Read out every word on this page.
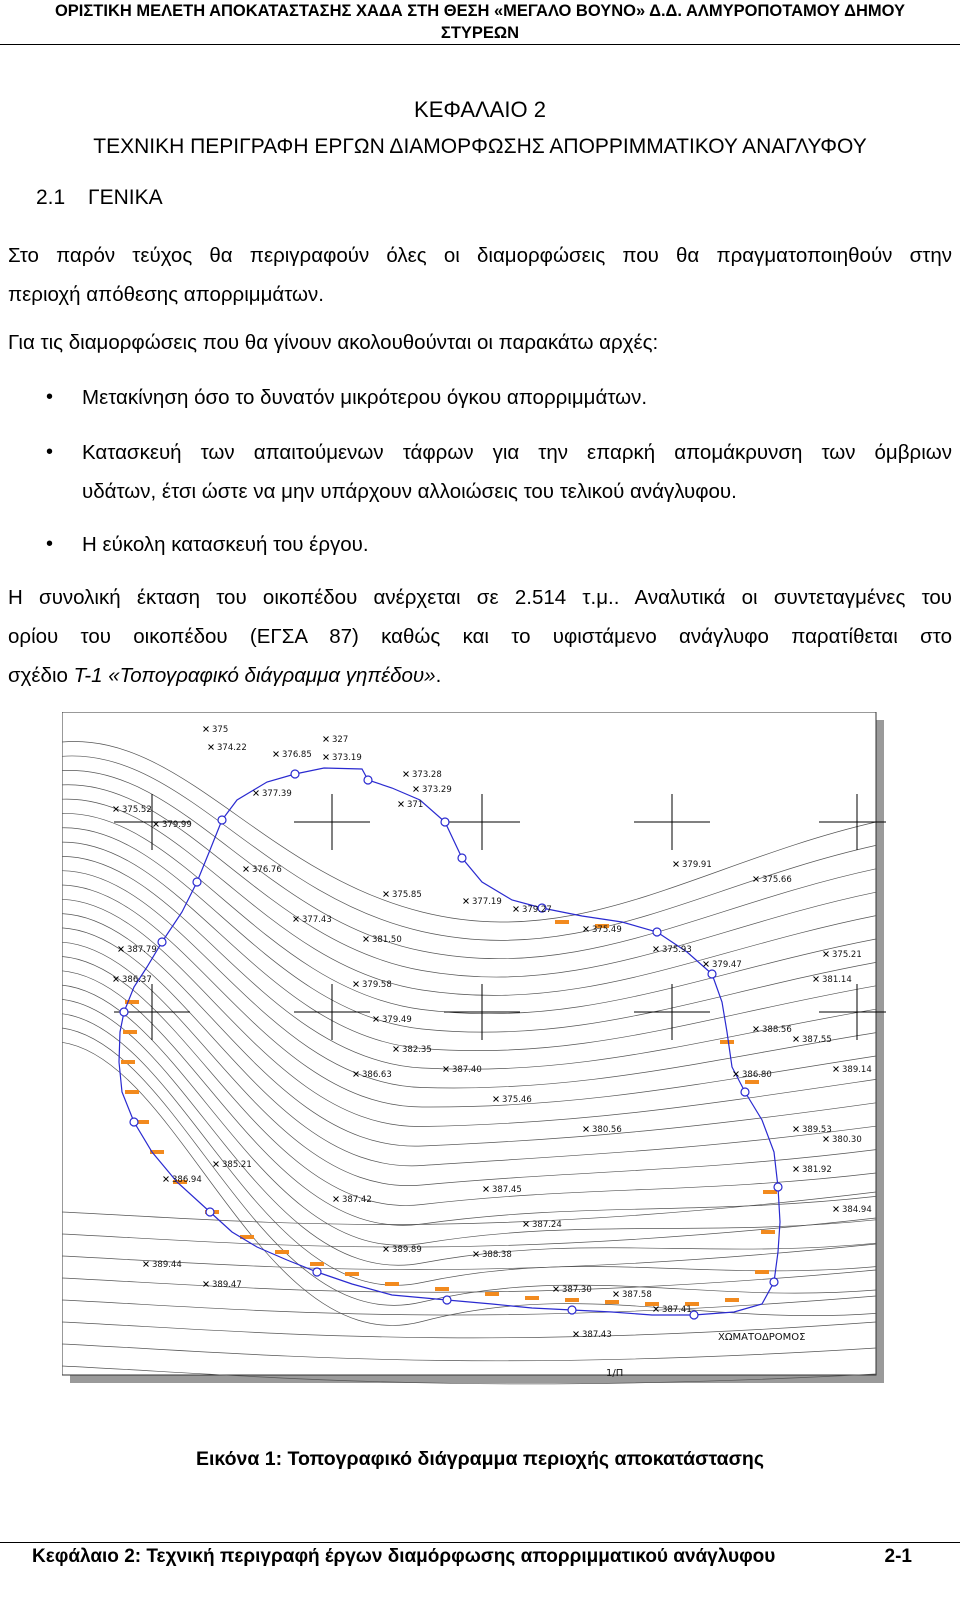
ΟΡΙΣΤΙΚΗ ΜΕΛΕΤΗ ΑΠΟΚΑΤΑΣΤΑΣΗΣ ΧΑΔΑ ΣΤΗ ΘΕΣΗ «ΜΕΓΑΛΟ ΒΟΥΝΟ» Δ.Δ. ΑΛΜΥΡΟΠΟΤΑΜΟΥ ΔΗΜΟΥ
ΣΤΥΡΕΩΝ
ΚΕΦΑΛΑΙΟ 2
ΤΕΧΝΙΚΗ ΠΕΡΙΓΡΑΦΗ ΕΡΓΩΝ ΔΙΑΜΟΡΦΩΣΗΣ ΑΠΟΡΡΙΜΜΑΤΙΚΟΥ ΑΝΑΓΛΥΦΟΥ
2.1 ΓΕΝΙΚΑ
Στο παρόν τεύχος θα περιγραφούν όλες οι διαμορφώσεις που θα πραγματοποιηθούν στην
περιοχή απόθεσης απορριμμάτων.
Για τις διαμορφώσεις που θα γίνουν ακολουθούνται οι παρακάτω αρχές:
• Μετακίνηση όσο το δυνατόν μικρότερου όγκου απορριμμάτων.
• Κατασκευή των απαιτούμενων τάφρων για την επαρκή απομάκρυνση των όμβριων
υδάτων, έτσι ώστε να μην υπάρχουν αλλοιώσεις του τελικού ανάγλυφου.
• Η εύκολη κατασκευή του έργου.
Η συνολική έκταση του οικοπέδου ανέρχεται σε 2.514 τ.μ.. Αναλυτικά οι συντεταγμένες του
ορίου του οικοπέδου (ΕΓΣΑ 87) καθώς και το υφιστάμενο ανάγλυφο παρατίθεται στο
σχέδιο Τ-1 «Τοπογραφικό διάγραμμα γηπέδου».
375
374.22
376.85 373.19
327
373.28
373.29
371
377.39
375.52
379.99
376.76
375.85
377.19
379.27
375.49
379.91
375.66
377.43
375.93
379.47
375.21
381.14
381.50
379.58
379.49
382.35
387.40
387.45
387.24
387.30	387.58
387.41
387.43
389.44
389.47
386.94
385.21
386.63
375.46
380.56
386.80
388.56
387.55
389.14
389.53
380.30
381.92
384.94
387.42
389.89	388.38
386.37
387.79
ΧΩΜΑΤΟΔΡΟΜΟΣ
1/Π
Εικόνα 1: Τοπογραφικό διάγραμμα περιοχής αποκατάστασης
Κεφάλαιο 2: Τεχνική περιγραφή έργων διαμόρφωσης απορριμματικού ανάγλυφου	2-1
